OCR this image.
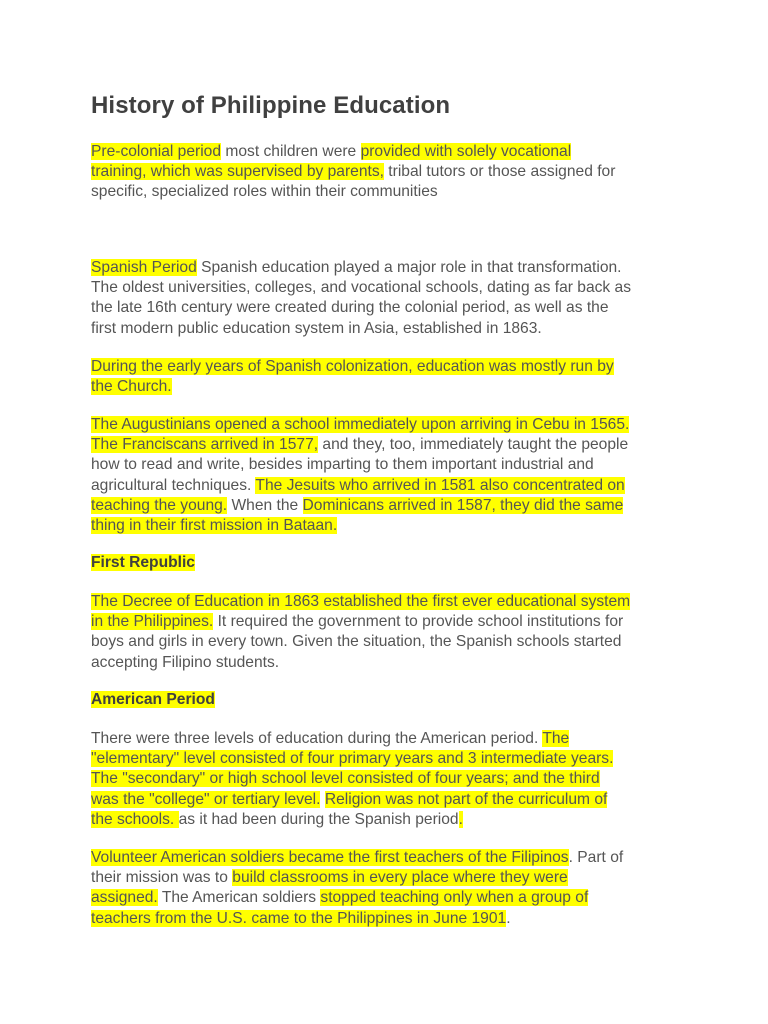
History of Philippine Education

Pre-colonial period most children were provided with solely vocational
training, which was supervised by parents, tribal tutors or those assigned for
specific, specialized roles within their communities

Spanish Period Spanish education played a major role in that transformation.
The oldest universities, colleges, and vocational schools, dating as far back as
the late 16th century were created during the colonial period, as well as the
first modern public education system in Asia, established in 1863.

During the early years of Spanish colonization, education was mostly run by
the Church.

The Augustinians opened a school immediately upon arriving in Cebu in 1565.
The Franciscans arrived in 1577, and they, too, immediately taught the people
how to read and write, besides imparting to them important industrial and
agricultural techniques. The Jesuits who arrived in 1581 also concentrated on
teaching the young. When the Dominicans arrived in 1587, they did the same
thing in their first mission in Bataan.

First Republic

The Decree of Education in 1863 established the first ever educational system
in the Philippines. It required the government to provide school institutions for
boys and girls in every town. Given the situation, the Spanish schools started
accepting Filipino students.

American Period

There were three levels of education during the American period. The
"elementary" level consisted of four primary years and 3 intermediate years.
The "secondary" or high school level consisted of four years; and the third
was the "college" or tertiary level. Religion was not part of the curriculum of
the schools. as it had been during the Spanish period.

Volunteer American soldiers became the first teachers of the Filipinos. Part of
their mission was to build classrooms in every place where they were
assigned. The American soldiers stopped teaching only when a group of
teachers from the U.S. came to the Philippines in June 1901.
